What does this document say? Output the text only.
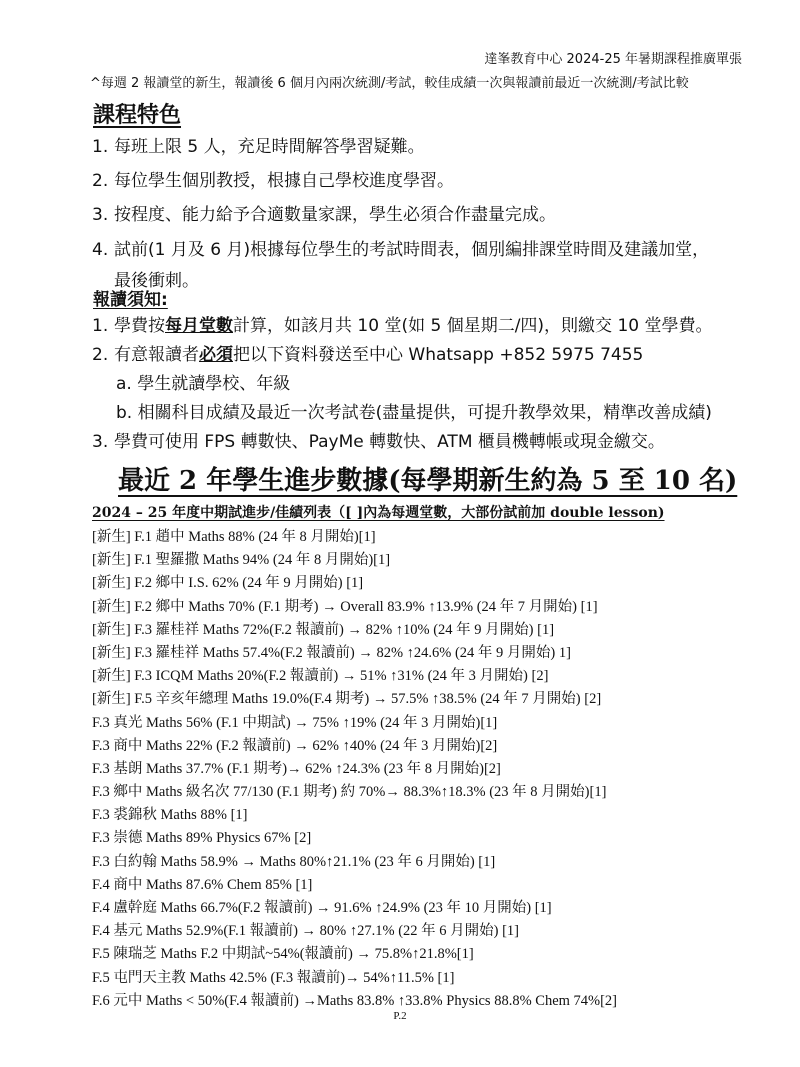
達峯教育中心 2024-25 年暑期課程推廣單張
^每週 2 報讀堂的新生，報讀後 6 個月內兩次統測/考試，較佳成績一次與報讀前最近一次統測/考試比較
課程特色
1. 每班上限 5 人，充足時間解答學習疑難。
2. 每位學生個別教授，根據自己學校進度學習。
3. 按程度、能力給予合適數量家課，學生必須合作盡量完成。
4. 試前(1 月及 6 月)根據每位學生的考試時間表，個別編排課堂時間及建議加堂，最後衝刺。
報讀須知:
1. 學費按每月堂數計算，如該月共 10 堂(如 5 個星期二/四)，則繳交 10 堂學費。
2. 有意報讀者必須把以下資料發送至中心 Whatsapp +852 5975 7455
a. 學生就讀學校、年級
b. 相關科目成績及最近一次考試卷(盡量提供，可提升教學效果，精準改善成績)
3. 學費可使用 FPS 轉數快、PayMe 轉數快、ATM 櫃員機轉帳或現金繳交。
最近 2 年學生進步數據(每學期新生約為 5 至 10 名)
2024 – 25 年度中期試進步/佳績列表（[ ]內為每週堂數，大部份試前加 double lesson)
[新生] F.1 趙中 Maths 88% (24 年 8 月開始)[1]
[新生] F.1 聖羅撒 Maths 94% (24 年 8 月開始)[1]
[新生] F.2 鄉中 I.S. 62% (24 年 9 月開始) [1]
[新生] F.2 鄉中 Maths 70% (F.1 期考) → Overall 83.9% ↑13.9% (24 年 7 月開始) [1]
[新生] F.3 羅桂祥 Maths 72%(F.2 報讀前) → 82% ↑10% (24 年 9 月開始) [1]
[新生] F.3 羅桂祥 Maths 57.4%(F.2 報讀前) → 82% ↑24.6% (24 年 9 月開始) 1]
[新生] F.3 ICQM Maths 20%(F.2 報讀前) → 51% ↑31% (24 年 3 月開始) [2]
[新生] F.5 辛亥年總理 Maths 19.0%(F.4 期考) → 57.5% ↑38.5% (24 年 7 月開始) [2]
F.3 真光 Maths 56% (F.1 中期試) → 75% ↑19% (24 年 3 月開始)[1]
F.3 商中 Maths 22% (F.2 報讀前) → 62% ↑40% (24 年 3 月開始)[2]
F.3 基朗 Maths 37.7% (F.1 期考)→ 62% ↑24.3% (23 年 8 月開始)[2]
F.3 鄉中 Maths 級名次 77/130 (F.1 期考) 約 70%→ 88.3%↑18.3% (23 年 8 月開始)[1]
F.3 裘錦秋 Maths 88% [1]
F.3 崇德 Maths 89% Physics 67% [2]
F.3 白約翰 Maths 58.9% → Maths 80%↑21.1% (23 年 6 月開始) [1]
F.4 商中 Maths 87.6% Chem 85% [1]
F.4 盧幹庭 Maths 66.7%(F.2 報讀前) → 91.6% ↑24.9% (23 年 10 月開始) [1]
F.4 基元 Maths 52.9%(F.1 報讀前) → 80% ↑27.1% (22 年 6 月開始) [1]
F.5 陳瑞芝 Maths F.2 中期試~54%(報讀前) → 75.8%↑21.8%[1]
F.5 屯門天主教 Maths 42.5% (F.3 報讀前)→ 54%↑11.5% [1]
F.6 元中 Maths < 50%(F.4 報讀前) →Maths 83.8% ↑33.8% Physics 88.8% Chem 74%[2]
P.2
